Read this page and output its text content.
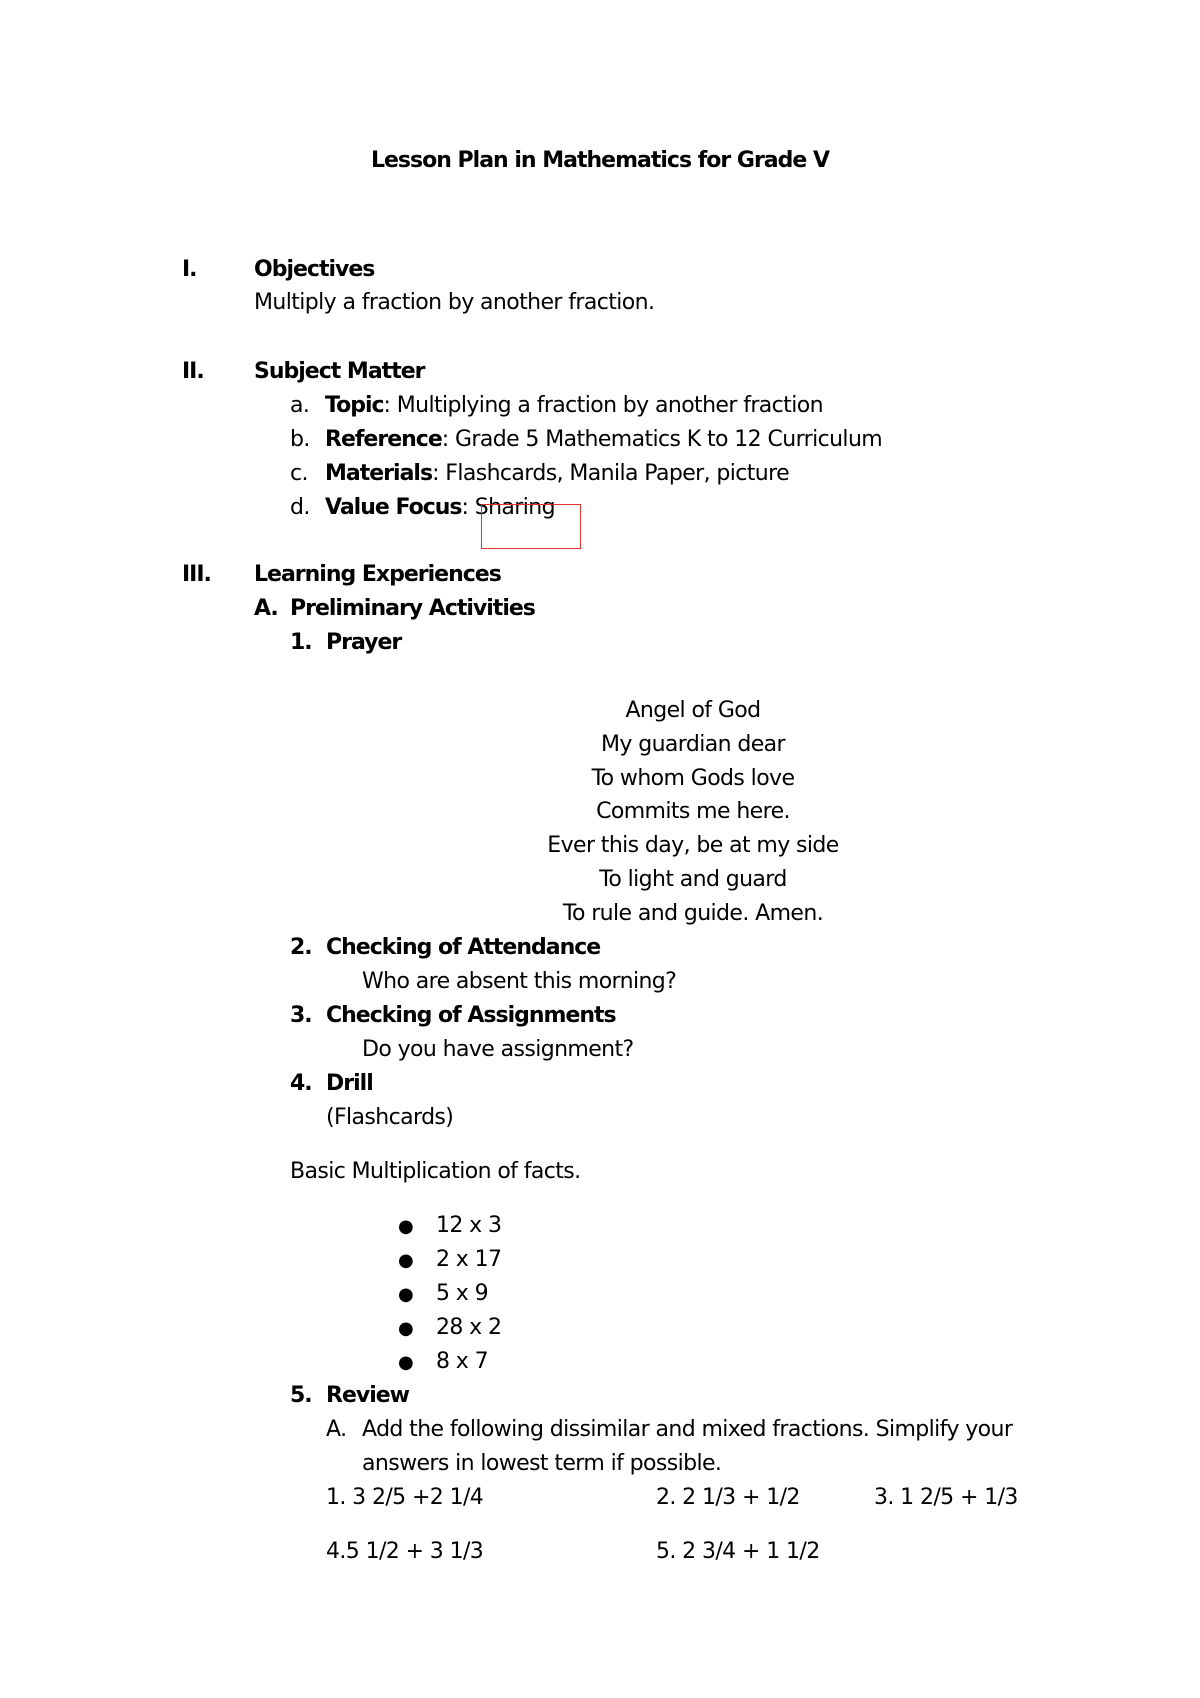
Lesson Plan in Mathematics for Grade V
I.	Objectives
Multiply a fraction by another fraction.
II. Subject Matter
a. Topic: Multiplying a fraction by another fraction
b. Reference: Grade 5 Mathematics K to 12 Curriculum
c. Materials: Flashcards, Manila Paper, picture
d. Value Focus: Sharing
III. Learning Experiences
A. Preliminary Activities
1. Prayer
Angel of God
My guardian dear
To whom Gods love
Commits me here.
Ever this day, be at my side
To light and guard
To rule and guide. Amen.
2. Checking of Attendance
Who are absent this morning?
3. Checking of Assignments
Do you have assignment?
4. Drill
(Flashcards)
Basic Multiplication of facts.
● 12 x 3
● 2 x 17
● 5 x 9
● 28 x 2
● 8 x 7
5. Review
A. Add the following dissimilar and mixed fractions. Simplify your
answers in lowest term if possible.
1. 3 2/5 +2 1/4	2. 2 1/3 + 1/2	3. 1 2/5 + 1/3
4.5 1/2 + 3 1/3	5. 2 3/4 + 1 1/2
